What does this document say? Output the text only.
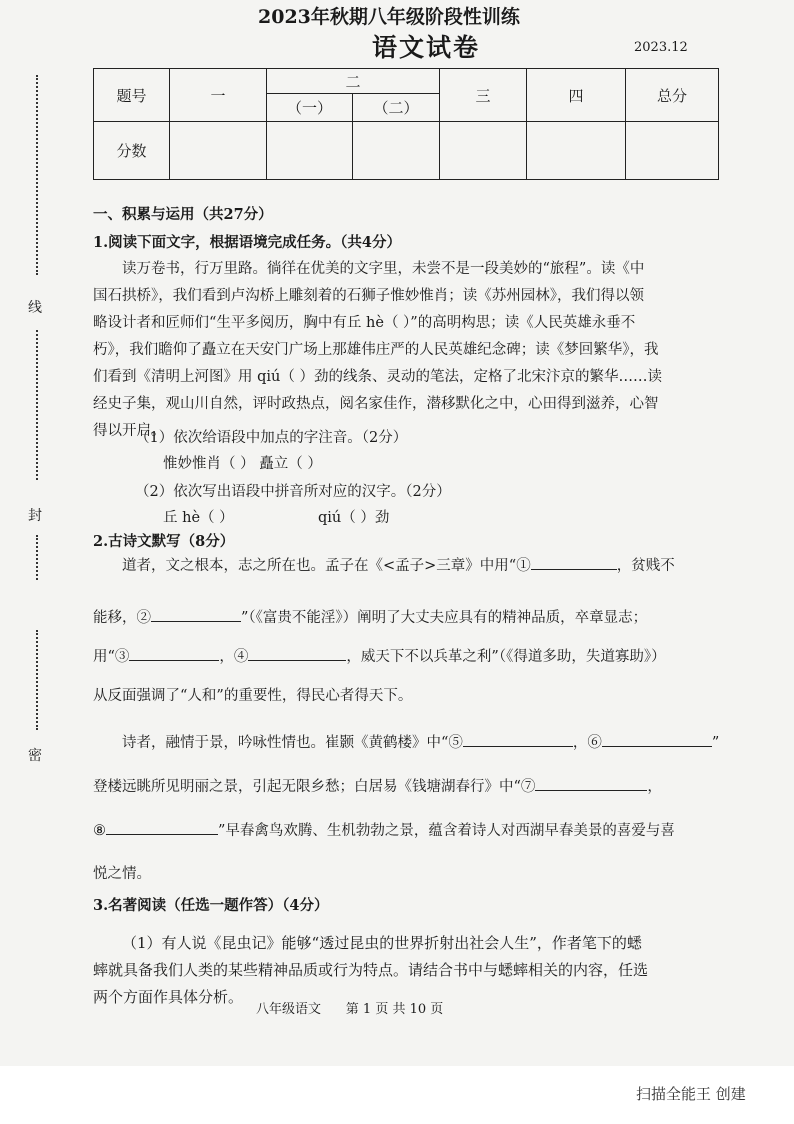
线
封
密
2023年秋期八年级阶段性训练
语文试卷	2023.12
题号	一	二		三	四	总分
		（一）	（二）			
分数						
一、积累与运用（共27分）
1.阅读下面文字，根据语境完成任务。（共4分）
读万卷书，行万里路。徜徉在优美的文字里，未尝不是一段美妙的“旅程”。读《中
国石拱桥》，我们看到卢沟桥上雕刻着的石狮子惟妙惟肖；读《苏州园林》，我们得以领
略设计者和匠师们“生平多阅历，胸中有丘 hè（ ）”的高明构思；读《人民英雄永垂不
朽》，我们瞻仰了矗立在天安门广场上那雄伟庄严的人民英雄纪念碑；读《梦回繁华》，我
们看到《清明上河图》用 qiú（ ）劲的线条、灵动的笔法，定格了北宋汴京的繁华……读
经史子集，观山川自然，评时政热点，阅名家佳作，潜移默化之中，心田得到滋养，心智
得以开启。
（1）依次给语段中加点的字注音。（2分）
惟妙惟肖（ ） 矗立（ ）
（2）依次写出语段中拼音所对应的汉字。（2分）
丘 hè（ ）	qiú（ ）劲
2.古诗文默写（8分）
道者，文之根本，志之所在也。孟子在《<孟子>三章》中用“①	，贫贱不
能移，②	”（《富贵不能淫》）阐明了大丈夫应具有的精神品质，卒章显志；
用“③	，④	，威天下不以兵革之利”（《得道多助，失道寡助》）
从反面强调了“人和”的重要性，得民心者得天下。
诗者，融情于景，吟咏性情也。崔颢《黄鹤楼》中“⑤	，⑥	”
登楼远眺所见明丽之景，引起无限乡愁；白居易《钱塘湖春行》中“⑦	，
⑧	”早春禽鸟欢腾、生机勃勃之景，蕴含着诗人对西湖早春美景的喜爱与喜
悦之情。
3.名著阅读（任选一题作答）（4分）
（1）有人说《昆虫记》能够“透过昆虫的世界折射出社会人生”，作者笔下的蟋
蟀就具备我们人类的某些精神品质或行为特点。请结合书中与蟋蟀相关的内容，任选
两个方面作具体分析。
八年级语文      第 1 页 共 10 页
扫描全能王 创建
